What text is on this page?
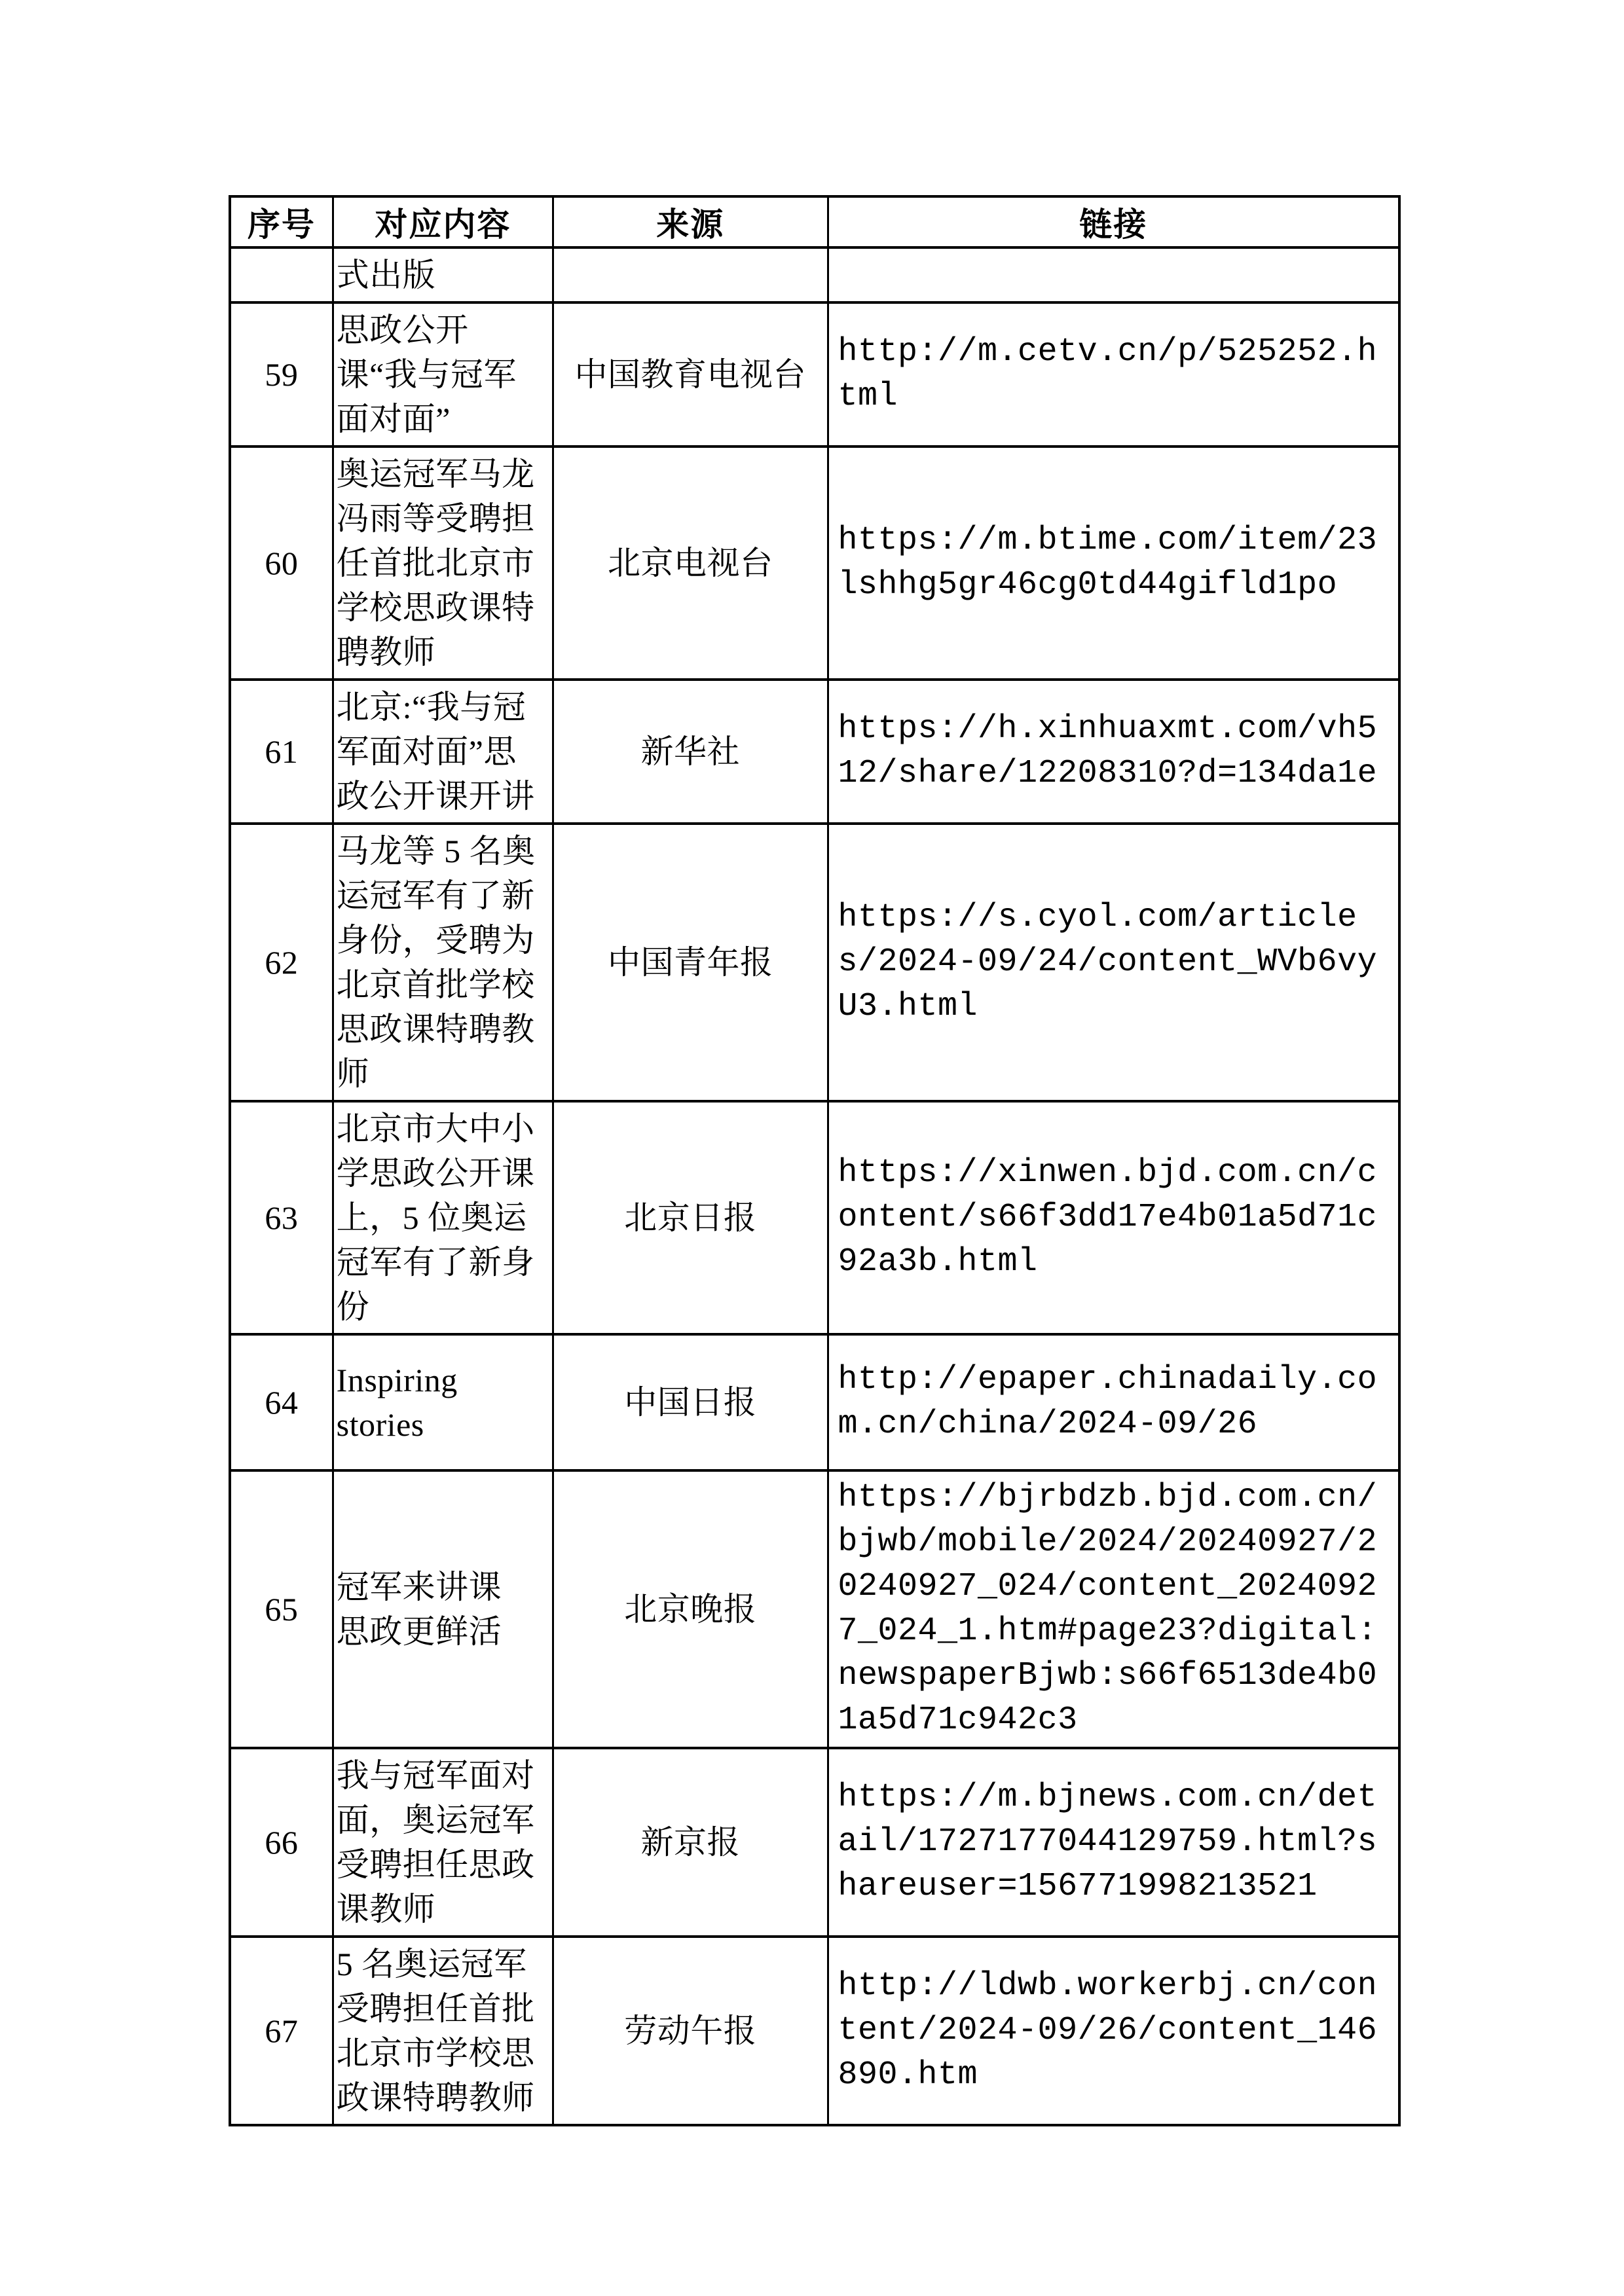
序号	对应内容	来源	链接
	式出版		
59	思政公开课“我与冠军面对面”	中国教育电视台	http://m.cetv.cn/p/525252.html
60	奥运冠军马龙冯雨等受聘担任首批北京市学校思政课特聘教师	北京电视台	https://m.btime.com/item/23lshhg5gr46cg0td44gifld1po
61	北京:“我与冠军面对面”思政公开课开讲	新华社	https://h.xinhuaxmt.com/vh512/share/12208310?d=134da1e
62	马龙等 5 名奥运冠军有了新身份，受聘为北京首批学校思政课特聘教师	中国青年报	https://s.cyol.com/articles/2024-09/24/content_WVb6vyU3.html
63	北京市大中小学思政公开课上，5 位奥运冠军有了新身份	北京日报	https://xinwen.bjd.com.cn/content/s66f3dd17e4b01a5d71c92a3b.html
64	Inspiring stories	中国日报	http://epaper.chinadaily.com.cn/china/2024-09/26
65	冠军来讲课　思政更鲜活	北京晚报	https://bjrbdzb.bjd.com.cn/bjwb/mobile/2024/20240927/20240927_024/content_20240927_024_1.htm#page23?digital:newspaperBjwb:s66f6513de4b01a5d71c942c3
66	我与冠军面对面，奥运冠军受聘担任思政课教师	新京报	https://m.bjnews.com.cn/detail/1727177044129759.html?shareuser=156771998213521
67	5 名奥运冠军受聘担任首批北京市学校思政课特聘教师	劳动午报	http://ldwb.workerbj.cn/content/2024-09/26/content_146890.htm
